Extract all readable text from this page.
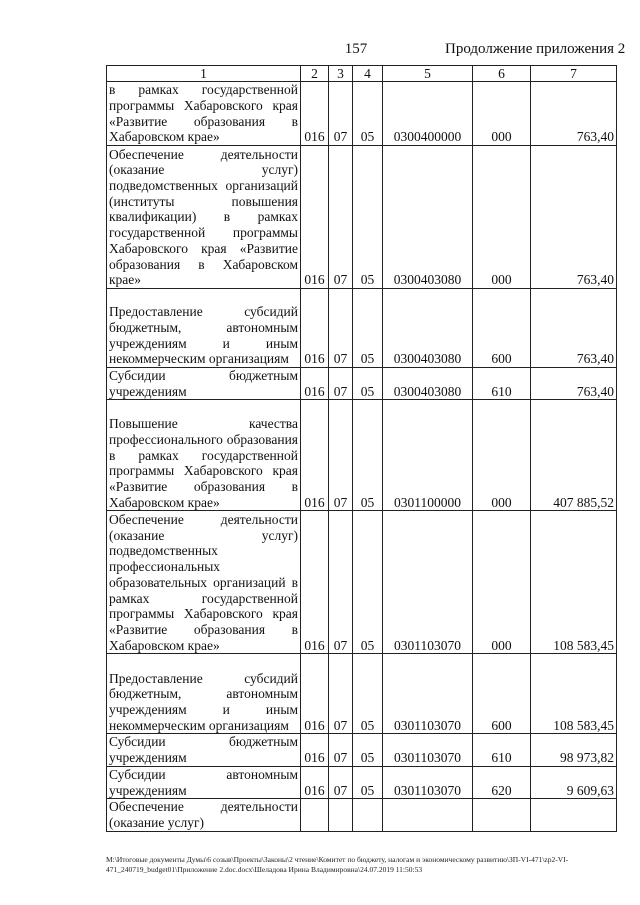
157	Продолжение приложения 2
1	2	3	4	5	6	7
в рамках государственной программы Хабаровского края «Развитие образования в Хабаровском крае»	016	07	05	0300400000	000	763,40
Обеспечение деятельности (оказание услуг) подведомственных организаций (институты повышения квалификации) в рамках государственной программы Хабаровского края «Развитие образования в Хабаровском крае»	016	07	05	0300403080	000	763,40
Предоставление субсидий бюджетным, автономным учреждениям и иным некоммерческим организациям	016	07	05	0300403080	600	763,40
Субсидии бюджетным учреждениям	016	07	05	0300403080	610	763,40
Повышение качества профессионального образования в рамках государственной программы Хабаровского края «Развитие образования в Хабаровском крае»	016	07	05	0301100000	000	407 885,52
Обеспечение деятельности (оказание услуг) подведомственных профессиональных образовательных организаций в рамках государственной программы Хабаровского края «Развитие образования в Хабаровском крае»	016	07	05	0301103070	000	108 583,45
Предоставление субсидий бюджетным, автономным учреждениям и иным некоммерческим организациям	016	07	05	0301103070	600	108 583,45
Субсидии бюджетным учреждениям	016	07	05	0301103070	610	98 973,82
Субсидии автономным учреждениям	016	07	05	0301103070	620	9 609,63
Обеспечение деятельности (оказание услуг)						
M:\Итоговые документы Думы\6 созыв\Проекты\Законы\2 чтение\Комитет по бюджету, налогам и экономическому развитию\ЗП-VI-471\zp2-VI-
471_240719_budget01\Приложение 2.doc.docx\Шеладова Ирина Владимировна\24.07.2019 11:50:53
